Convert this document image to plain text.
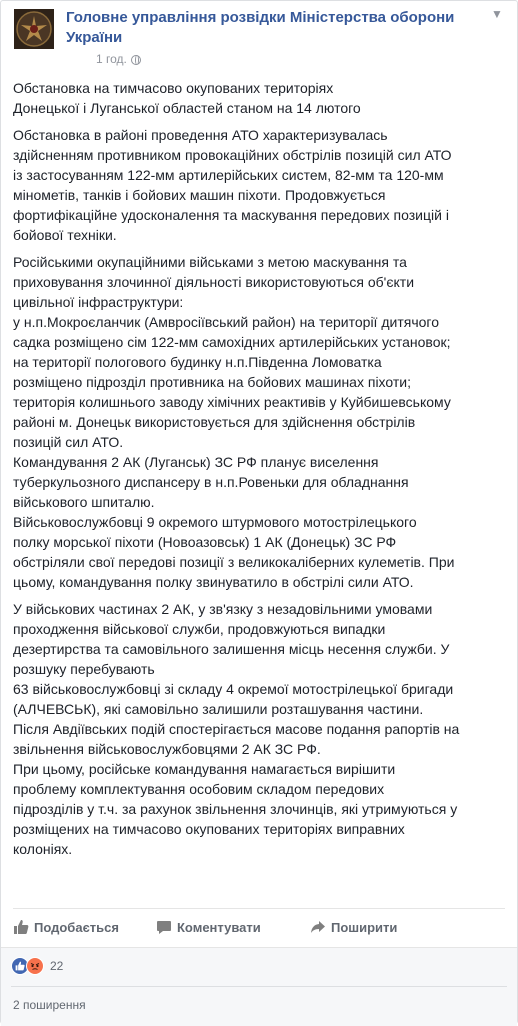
Головне управління розвідки Міністерства оборони України
1 год.
▼

Обстановка на тимчасово окупованих територіях
Донецької і Луганської областей станом на 14 лютого

Обстановка в районі проведення АТО характеризувалась
здійсненням противником провокаційних обстрілів позицій сил АТО
із застосуванням 122-мм артилерійських систем, 82-мм та 120-мм
мінометів, танків і бойових машин піхоти. Продовжується
фортифікаційне удосконалення та маскування передових позицій і
бойової техніки.

Російськими окупаційними військами з метою маскування та
приховування злочинної діяльності використовуються об'єкти
цивільної інфраструктури:
у н.п.Мокроєланчик (Амвросіївський район) на території дитячого
садка розміщено сім 122-мм самохідних артилерійських установок;
на території пологового будинку н.п.Південна Ломоватка
розміщено підрозділ противника на бойових машинах піхоти;
територія колишнього заводу хімічних реактивів у Куйбишевському
районі м. Донецьк використовується для здійснення обстрілів
позицій сил АТО.
Командування 2 АК (Луганськ) ЗС РФ планує виселення
туберкульозного диспансеру в н.п.Ровеньки для обладнання
військового шпиталю.
Військовослужбовці 9 окремого штурмового мотострілецького
полку морської піхоти (Новоазовськ) 1 АК (Донецьк) ЗС РФ
обстріляли свої передові позиції з великокаліберних кулеметів. При
цьому, командування полку звинуватило в обстрілі сили АТО.

У військових частинах 2 АК, у зв'язку з незадовільними умовами
проходження військової служби, продовжуються випадки
дезертирства та самовільного залишення місць несення служби. У
розшуку перебувають
63 військовослужбовці зі складу 4 окремої мотострілецької бригади
(АЛЧЕВСЬК), які самовільно залишили розташування частини.
Після Авдіївських подій спостерігається масове подання рапортів на
звільнення військовослужбовцями 2 АК ЗС РФ.
При цьому, російське командування намагається вирішити
проблему комплектування особовим складом передових
підрозділів у т.ч. за рахунок звільнення злочинців, які утримуються у
розміщених на тимчасово окупованих територіях виправних
колоніях.

Подобається	Коментувати	Поширити
22
2 поширення
